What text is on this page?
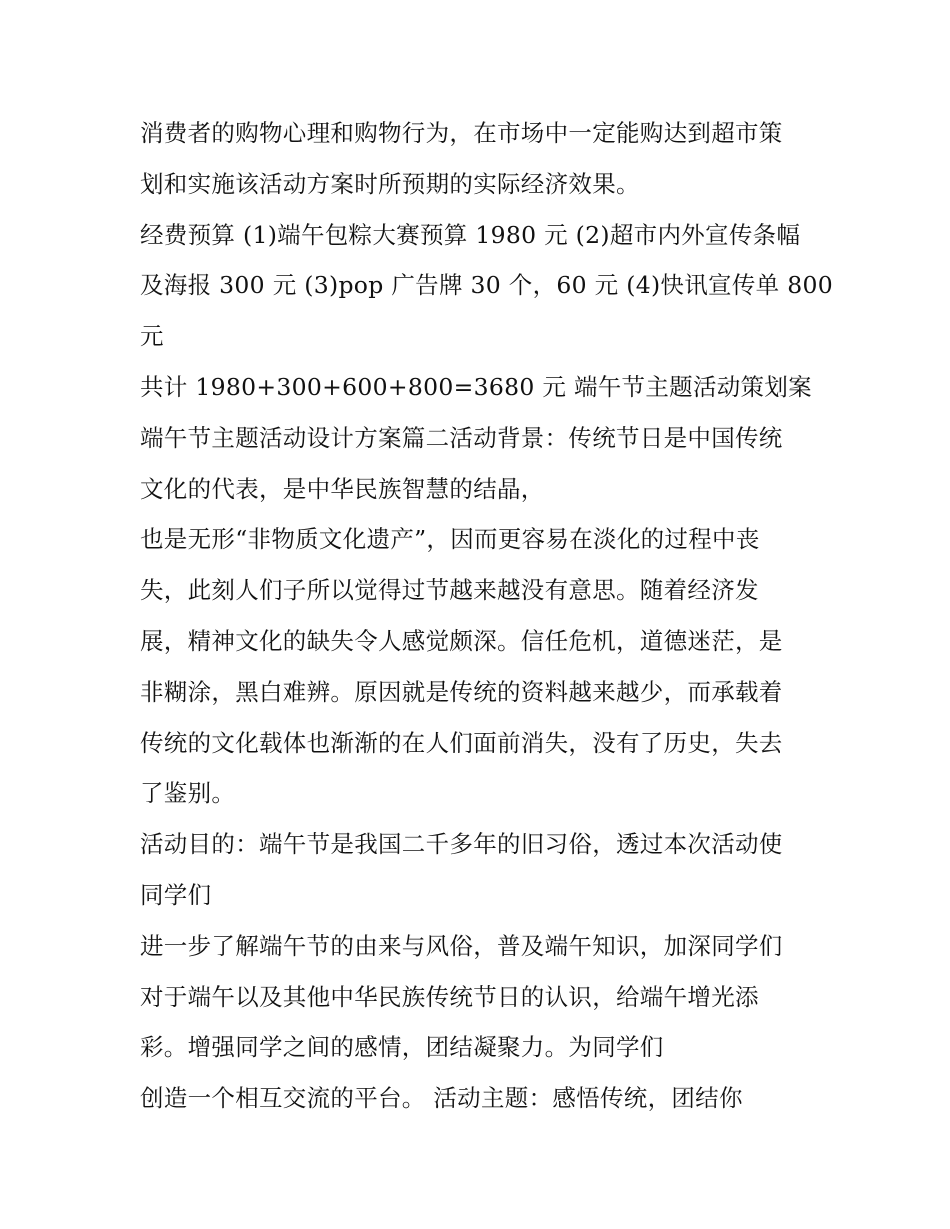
消费者的购物心理和购物行为，在市场中一定能购达到超市策
划和实施该活动方案时所预期的实际经济效果。
经费预算 (1)端午包粽大赛预算 1980 元 (2)超市内外宣传条幅
及海报 300 元 (3)pop 广告牌 30 个，60 元 (4)快讯宣传单 800
元
共计 1980+300+600+800=3680 元 端午节主题活动策划案
端午节主题活动设计方案篇二活动背景：传统节日是中国传统
文化的代表，是中华民族智慧的结晶，
也是无形“非物质文化遗产”，因而更容易在淡化的过程中丧
失，此刻人们子所以觉得过节越来越没有意思。随着经济发
展，精神文化的缺失令人感觉颇深。信任危机，道德迷茫，是
非糊涂，黑白难辨。原因就是传统的资料越来越少，而承载着
传统的文化载体也渐渐的在人们面前消失，没有了历史，失去
了鉴别。
活动目的：端午节是我国二千多年的旧习俗，透过本次活动使
同学们
进一步了解端午节的由来与风俗，普及端午知识，加深同学们
对于端午以及其他中华民族传统节日的认识，给端午增光添
彩。增强同学之间的感情，团结凝聚力。为同学们
创造一个相互交流的平台。 活动主题：感悟传统，团结你
